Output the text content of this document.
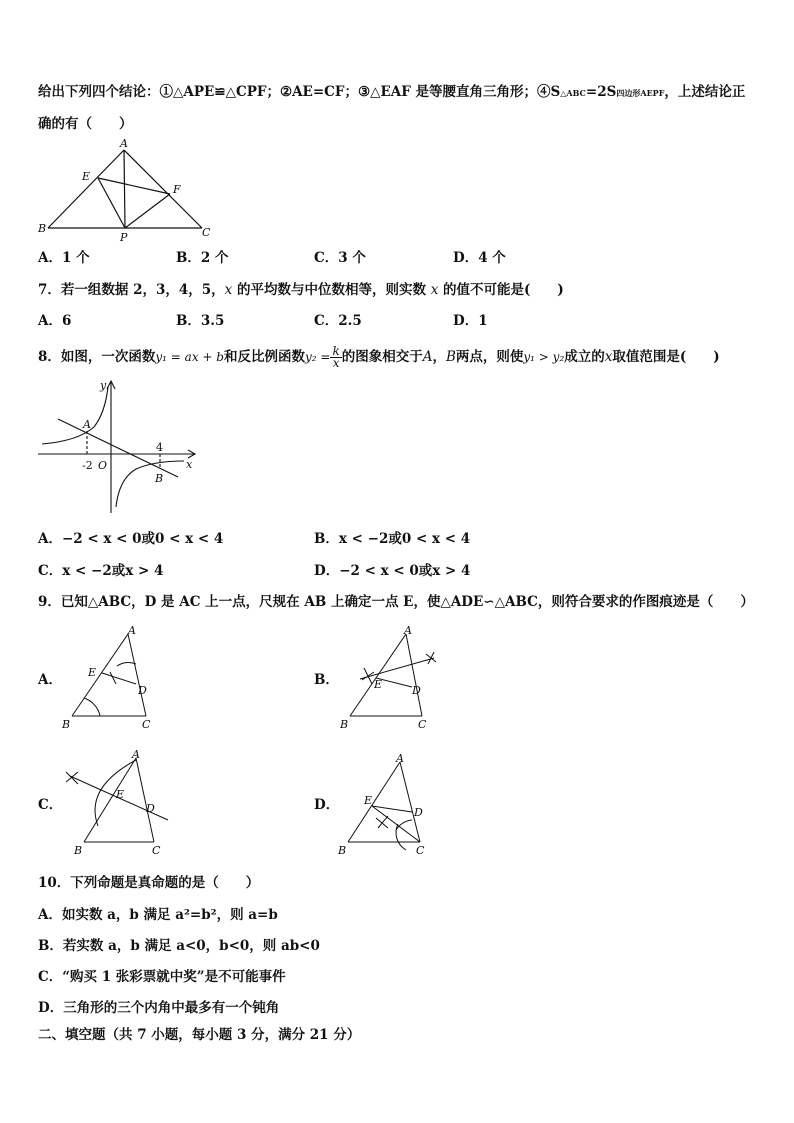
给出下列四个结论：①△APE≌△CPF；②AE=CF；③△EAF 是等腰直角三角形；④S△ABC=2S四边形AEPF，上述结论正
确的有（　　）
A
E
F
B
P	C
A．1 个	B．2 个	C．3 个	D．4 个
7．若一组数据 2，3，4，5，x 的平均数与中位数相等，则实数 x 的值不可能是(　　)
A．6	B．3.5	C．2.5	D．1
8．如图，一次函数y₁ = ax + b和反比例函数$y_2 = \frac{k}{x}$ 的图象相交于A，B两点，则使y₁ > y₂成立的x取值范围是(　　)
y
A
-2 O
4
x
B
A．−2 < x < 0或0 < x < 4	B．x < −2或0 < x < 4
C．x < −2或x > 4	D．−2 < x < 0或x > 4
9．已知△ABC，D 是 AC 上一点，尺规在 AB 上确定一点 E，使△ADE∽△ABC，则符合要求的作图痕迹是（　　）
A．
A
E
D
B	C
B．
A
E	D
B	C
C．
A
E
D
B	C
D．
A
E
D
B	C
10．下列命题是真命题的是（　　）
A．如实数 a，b 满足 a²=b²，则 a=b
B．若实数 a，b 满足 a<0，b<0，则 ab<0
C．“购买 1 张彩票就中奖”是不可能事件
D．三角形的三个内角中最多有一个钝角
二、填空题（共 7 小题，每小题 3 分，满分 21 分）
